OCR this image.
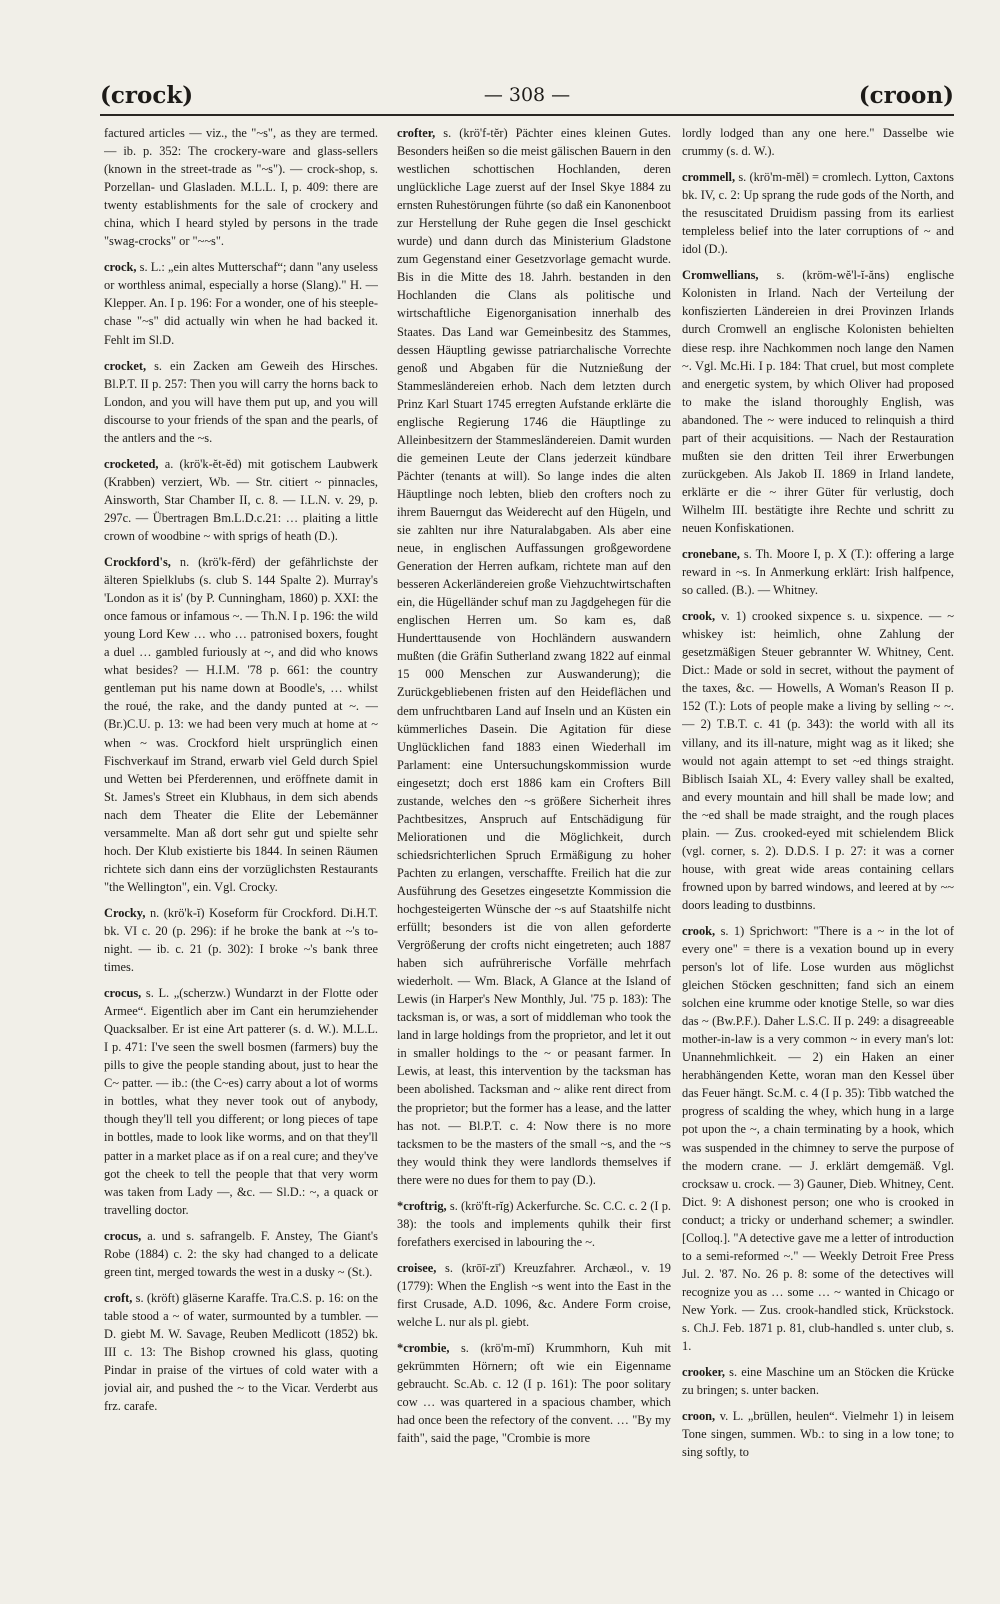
(crock)	— 308 —	(croon)

factured articles — viz., the "~s", as they are termed. — ib. p. 352: The crockery-ware and glass-sellers (known in the street-trade as "~s"). — crock-shop, s. Porzellan- und Glasladen. M.L.L. I, p. 409: there are twenty establishments for the sale of crockery and china, which I heard styled by persons in the trade "swag-crocks" or "~~s".

crock, s. L.: „ein altes Mutterschaf“; dann "any useless or worthless animal, especially a horse (Slang)." H. — Klepper. An. I p. 196: For a wonder, one of his steeple-chase "~s" did actually win when he had backed it. Fehlt im Sl.D.

crocket, s. ein Zacken am Geweih des Hirsches. Bl.P.T. II p. 257: Then you will carry the horns back to London, and you will have them put up, and you will discourse to your friends of the span and the pearls, of the antlers and the ~s.

crocketed, a. (krö'k-ĕt-ĕd) mit gotischem Laubwerk (Krabben) verziert, Wb. — Str. citiert ~ pinnacles, Ainsworth, Star Chamber II, c. 8. — I.L.N. v. 29, p. 297c. — Übertragen Bm.L.D.c.21: … plaiting a little crown of woodbine ~ with sprigs of heath (D.).

Crockford's, n. (krö'k-fĕrd) der gefährlichste der älteren Spielklubs (s. club S. 144 Spalte 2). Murray's 'London as it is' (by P. Cunningham, 1860) p. XXI: the once famous or infamous ~. — Th.N. I p. 196: the wild young Lord Kew … who … patronised boxers, fought a duel … gambled furiously at ~, and did who knows what besides? — H.I.M. '78 p. 661: the country gentleman put his name down at Boodle's, … whilst the roué, the rake, and the dandy punted at ~. — (Br.)C.U. p. 13: we had been very much at home at ~ when ~ was. Crockford hielt ursprünglich einen Fischverkauf im Strand, erwarb viel Geld durch Spiel und Wetten bei Pferderennen, und eröffnete damit in St. James's Street ein Klubhaus, in dem sich abends nach dem Theater die Elite der Lebemänner versammelte. Man aß dort sehr gut und spielte sehr hoch. Der Klub existierte bis 1844. In seinen Räumen richtete sich dann eins der vorzüglichsten Restaurants "the Wellington", ein. Vgl. Crocky.

Crocky, n. (krö'k-ĭ) Koseform für Crockford. Di.H.T. bk. VI c. 20 (p. 296): if he broke the bank at ~'s to-night. — ib. c. 21 (p. 302): I broke ~'s bank three times.

crocus, s. L. „(scherzw.) Wundarzt in der Flotte oder Armee“. Eigentlich aber im Cant ein herumziehender Quacksalber. Er ist eine Art patterer (s. d. W.). M.L.L. I p. 471: I've seen the swell bosmen (farmers) buy the pills to give the people standing about, just to hear the C~ patter. — ib.: (the C~es) carry about a lot of worms in bottles, what they never took out of anybody, though they'll tell you different; or long pieces of tape in bottles, made to look like worms, and on that they'll patter in a market place as if on a real cure; and they've got the cheek to tell the people that that very worm was taken from Lady —, &c. — Sl.D.: ~, a quack or travelling doctor.

crocus, a. und s. safrangelb. F. Anstey, The Giant's Robe (1884) c. 2: the sky had changed to a delicate green tint, merged towards the west in a dusky ~ (St.).

croft, s. (kröft) gläserne Karaffe. Tra.C.S. p. 16: on the table stood a ~ of water, surmounted by a tumbler. — D. giebt M. W. Savage, Reuben Medlicott (1852) bk. III c. 13: The Bishop crowned his glass, quoting Pindar in praise of the virtues of cold water with a jovial air, and pushed the ~ to the Vicar. Verderbt aus frz. carafe.

crofter, s. (krö'f-tĕr) Pächter eines kleinen Gutes. Besonders heißen so die meist gälischen Bauern in den westlichen schottischen Hochlanden, deren unglückliche Lage zuerst auf der Insel Skye 1884 zu ernsten Ruhestörungen führte (so daß ein Kanonenboot zur Herstellung der Ruhe gegen die Insel geschickt wurde) und dann durch das Ministerium Gladstone zum Gegenstand einer Gesetzvorlage gemacht wurde. Bis in die Mitte des 18. Jahrh. bestanden in den Hochlanden die Clans als politische und wirtschaftliche Eigenorganisation innerhalb des Staates. Das Land war Gemeinbesitz des Stammes, dessen Häuptling gewisse patriarchalische Vorrechte genoß und Abgaben für die Nutznießung der Stammesländereien erhob. Nach dem letzten durch Prinz Karl Stuart 1745 erregten Aufstande erklärte die englische Regierung 1746 die Häuptlinge zu Alleinbesitzern der Stammesländereien. Damit wurden die gemeinen Leute der Clans jederzeit kündbare Pächter (tenants at will). So lange indes die alten Häuptlinge noch lebten, blieb den crofters noch zu ihrem Bauerngut das Weiderecht auf den Hügeln, und sie zahlten nur ihre Naturalabgaben. Als aber eine neue, in englischen Auffassungen großgewordene Generation der Herren aufkam, richtete man auf den besseren Ackerländereien große Viehzuchtwirtschaften ein, die Hügelländer schuf man zu Jagdgehegen für die englischen Herren um. So kam es, daß Hunderttausende von Hochländern auswandern mußten (die Gräfin Sutherland zwang 1822 auf einmal 15 000 Menschen zur Auswanderung); die Zurückgebliebenen fristen auf den Heideflächen und dem unfruchtbaren Land auf Inseln und an Küsten ein kümmerliches Dasein. Die Agitation für diese Unglücklichen fand 1883 einen Wiederhall im Parlament: eine Untersuchungskommission wurde eingesetzt; doch erst 1886 kam ein Crofters Bill zustande, welches den ~s größere Sicherheit ihres Pachtbesitzes, Anspruch auf Entschädigung für Meliorationen und die Möglichkeit, durch schiedsrichterlichen Spruch Ermäßigung zu hoher Pachten zu erlangen, verschaffte. Freilich hat die zur Ausführung des Gesetzes eingesetzte Kommission die hochgesteigerten Wünsche der ~s auf Staatshilfe nicht erfüllt; besonders ist die von allen geforderte Vergrößerung der crofts nicht eingetreten; auch 1887 haben sich aufrührerische Vorfälle mehrfach wiederholt. — Wm. Black, A Glance at the Island of Lewis (in Harper's New Monthly, Jul. '75 p. 183): The tacksman is, or was, a sort of middleman who took the land in large holdings from the proprietor, and let it out in smaller holdings to the ~ or peasant farmer. In Lewis, at least, this intervention by the tacksman has been abolished. Tacksman and ~ alike rent direct from the proprietor; but the former has a lease, and the latter has not. — Bl.P.T. c. 4: Now there is no more tacksmen to be the masters of the small ~s, and the ~s they would think they were landlords themselves if there were no dues for them to pay (D.).

*croftrig, s. (krö'ft-rĭg) Ackerfurche. Sc. C.C. c. 2 (I p. 38): the tools and implements quhilk their first forefathers exercised in labouring the ~.

croisee, s. (krōī-zī') Kreuzfahrer. Archæol., v. 19 (1779): When the English ~s went into the East in the first Crusade, A.D. 1096, &c. Andere Form croise, welche L. nur als pl. giebt.

*crombie, s. (krö'm-mĭ) Krummhorn, Kuh mit gekrümmten Hörnern; oft wie ein Eigenname gebraucht. Sc.Ab. c. 12 (I p. 161): The poor solitary cow … was quartered in a spacious chamber, which had once been the refectory of the convent. … "By my faith", said the page, "Crombie is more

lordly lodged than any one here." Dasselbe wie crummy (s. d. W.).

crommell, s. (krö'm-mĕl) = cromlech. Lytton, Caxtons bk. IV, c. 2: Up sprang the rude gods of the North, and the resuscitated Druidism passing from its earliest templeless belief into the later corruptions of ~ and idol (D.).

Cromwellians, s. (kröm-wĕ'l-ĭ-ăns) englische Kolonisten in Irland. Nach der Verteilung der konfiszierten Ländereien in drei Provinzen Irlands durch Cromwell an englische Kolonisten behielten diese resp. ihre Nachkommen noch lange den Namen ~. Vgl. Mc.Hi. I p. 184: That cruel, but most complete and energetic system, by which Oliver had proposed to make the island thoroughly English, was abandoned. The ~ were induced to relinquish a third part of their acquisitions. — Nach der Restauration mußten sie den dritten Teil ihrer Erwerbungen zurückgeben. Als Jakob II. 1869 in Irland landete, erklärte er die ~ ihrer Güter für verlustig, doch Wilhelm III. bestätigte ihre Rechte und schritt zu neuen Konfiskationen.

cronebane, s. Th. Moore I, p. X (T.): offering a large reward in ~s. In Anmerkung erklärt: Irish halfpence, so called. (B.). — Whitney.

crook, v. 1) crooked sixpence s. u. sixpence. — ~ whiskey ist: heimlich, ohne Zahlung der gesetzmäßigen Steuer gebrannter W. Whitney, Cent. Dict.: Made or sold in secret, without the payment of the taxes, &c. — Howells, A Woman's Reason II p. 152 (T.): Lots of people make a living by selling ~ ~. — 2) T.B.T. c. 41 (p. 343): the world with all its villany, and its ill-nature, might wag as it liked; she would not again attempt to set ~ed things straight. Biblisch Isaiah XL, 4: Every valley shall be exalted, and every mountain and hill shall be made low; and the ~ed shall be made straight, and the rough places plain. — Zus. crooked-eyed mit schielendem Blick (vgl. corner, s. 2). D.D.S. I p. 27: it was a corner house, with great wide areas containing cellars frowned upon by barred windows, and leered at by ~~ doors leading to dustbinns.

crook, s. 1) Sprichwort: "There is a ~ in the lot of every one" = there is a vexation bound up in every person's lot of life. Lose wurden aus möglichst gleichen Stöcken geschnitten; fand sich an einem solchen eine krumme oder knotige Stelle, so war dies das ~ (Bw.P.F.). Daher L.S.C. II p. 249: a disagreeable mother-in-law is a very common ~ in every man's lot: Unannehmlichkeit. — 2) ein Haken an einer herabhängenden Kette, woran man den Kessel über das Feuer hängt. Sc.M. c. 4 (I p. 35): Tibb watched the progress of scalding the whey, which hung in a large pot upon the ~, a chain terminating by a hook, which was suspended in the chimney to serve the purpose of the modern crane. — J. erklärt demgemäß. Vgl. crocksaw u. crock. — 3) Gauner, Dieb. Whitney, Cent. Dict. 9: A dishonest person; one who is crooked in conduct; a tricky or underhand schemer; a swindler. [Colloq.]. "A detective gave me a letter of introduction to a semi-reformed ~." — Weekly Detroit Free Press Jul. 2. '87. No. 26 p. 8: some of the detectives will recognize you as … some … ~ wanted in Chicago or New York. — Zus. crook-handled stick, Krückstock. s. Ch.J. Feb. 1871 p. 81, club-handled s. unter club, s. 1.

crooker, s. eine Maschine um an Stöcken die Krücke zu bringen; s. unter backen.

croon, v. L. „brüllen, heulen“. Vielmehr 1) in leisem Tone singen, summen. Wb.: to sing in a low tone; to sing softly, to
